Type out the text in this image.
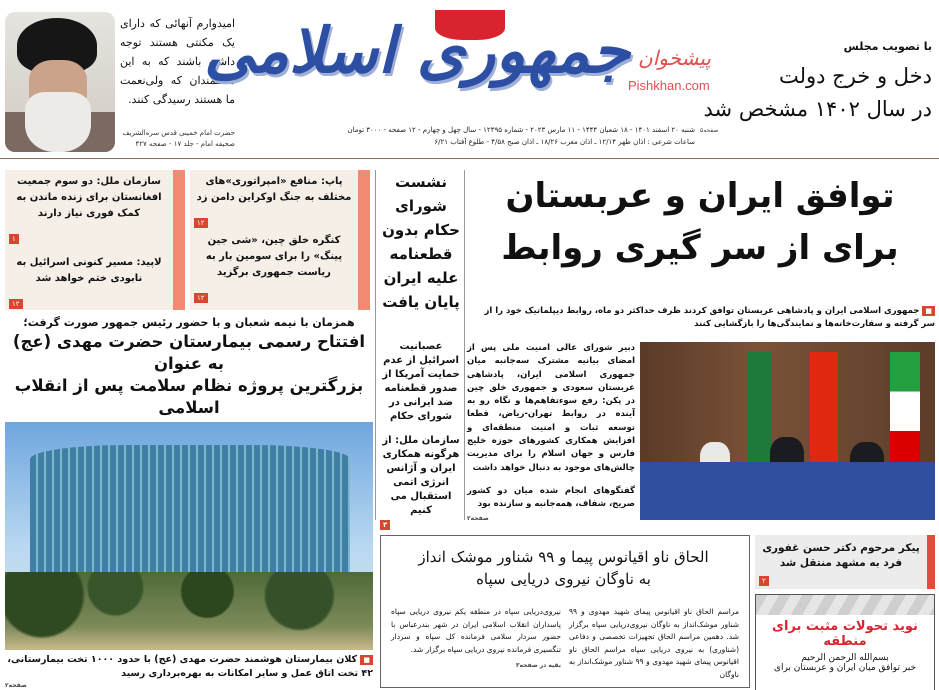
امیدوارم آنهائی که دارای یک مکنتی هستند توجه داشته باشند که به این مستمندان که ولی‌نعمت ما هستند رسیدگی کنند.
حضرت امام خمینی قدس سره‌الشریف
صحیفه امام - جلد ۱۷ - صفحه ۴۲۷
جمهوری اسلامی پیشخوان
Pishkhan.com
شنبه ۲۰ اسفند ۱۴۰۱ - ۱۸ شعبان ۱۴۴۴ - ۱۱ مارس ۲۰۲۳ - شماره ۱۲۴۹۵ - سال چهل و چهارم - ۱۲ صفحه - ۳۰۰۰ تومان
ساعات شرعی : اذان ظهر ۱۲/۱۴ ـ اذان مغرب ۱۸/۲۶ ـ اذان صبح ۴/۵۸ - طلوع آفتاب ۶/۲۱
با تصویب مجلس
دخل و خرج دولت
در سال ۱۴۰۲ مشخص شد
صفحه۵
سازمان ملل: دو سوم جمعیت افغانستان برای زنده ماندن به کمک فوری نیاز دارند
۱
لاپید: مسیر کنونی اسرائیل به نابودی ختم خواهد شد
۱۲
پاپ: منافع «امپراتوری»های مختلف به جنگ اوکراین دامن زد
۱۲
کنگره خلق چین، «شی جین پینگ» را برای سومین بار به ریاست جمهوری برگزید
۱۲
همزمان با نیمه شعبان و با حضور رئیس جمهور صورت گرفت؛
افتتاح رسمی بیمارستان حضرت مهدی (عج) به عنوان
بزرگترین پروژه نظام سلامت پس از انقلاب اسلامی
■ کلان بیمارستان هوشمند حضرت مهدی (عج) با حدود ۱۰۰۰ تخت بیمارستانی، ۴۲ تخت اتاق عمل و سایر امکانات به بهره‌برداری رسید
صفحه۲
نشست شورای حکام بدون قطعنامه علیه ایران پایان یافت
عصبانیت اسرائیل از عدم حمایت آمریکا از صدور قطعنامه ضد ایرانی در شورای حکام
سازمان ملل: از هرگونه همکاری ایران و آژانس انرژی اتمی استقبال می کنیم
۳
توافق ایران و عربستان
برای از سر گیری روابط
■ جمهوری اسلامی ایران و پادشاهی عربستان توافق کردند ظرف حداکثر دو ماه، روابط دیپلماتیک خود را از سر گرفته و سفارت‌خانه‌ها و نمایندگی‌ها را بازگشایی کنند

دبیر شورای عالی امنیت ملی پس از امضای بیانیه مشترک سه‌جانبه میان جمهوری اسلامی ایران، پادشاهی عربستان سعودی و جمهوری خلق چین در پکن: رفع سوءتفاهم‌ها و نگاه رو به آینده در روابط تهران-ریاض، قطعا توسعه ثبات و امنیت منطقه‌ای و افزایش همکاری کشورهای حوزه خلیج فارس و جهان اسلام را برای مدیریت چالش‌های موجود به دنبال خواهد داشت

گفتگوهای انجام شده میان دو کشور صریح، شفاف، همه‌جانبه و سازنده بود

صفحه۲
الحاق ناو اقیانوس پیما و ۹۹ شناور موشک انداز
به ناوگان نیروی دریایی سپاه
مراسم الحاق ناو اقیانوس پیمای شهید مهدوی و ۹۹ شناور موشک‌انداز به ناوگان نیروی‌دریایی سپاه برگزار شد. دهمین مراسم الحاق تجهیزات تخصصی و دفاعی (شناوری) به نیروی دریایی سپاه مراسم الحاق ناو اقیانوس پیمای شهید مهدوی و ۹۹ شناور موشک‌انداز به ناوگان
نیروی‌دریایی سپاه در منطقه یکم نیروی دریایی سپاه پاسداران انقلاب اسلامی ایران در شهر بندرعباس با حضور سردار سلامی فرمانده کل سپاه و سردار تنگسیری فرمانده نیروی دریایی سپاه برگزار شد.
بقیه در صفحه۳
پیکر مرحوم دکتر حسن غفوری فرد به مشهد منتقل شد
۲
نوید تحولات مثبت برای منطقه
بسم‌الله الرحمن الرحیم
خبر توافق میان ایران و عربستان برای
